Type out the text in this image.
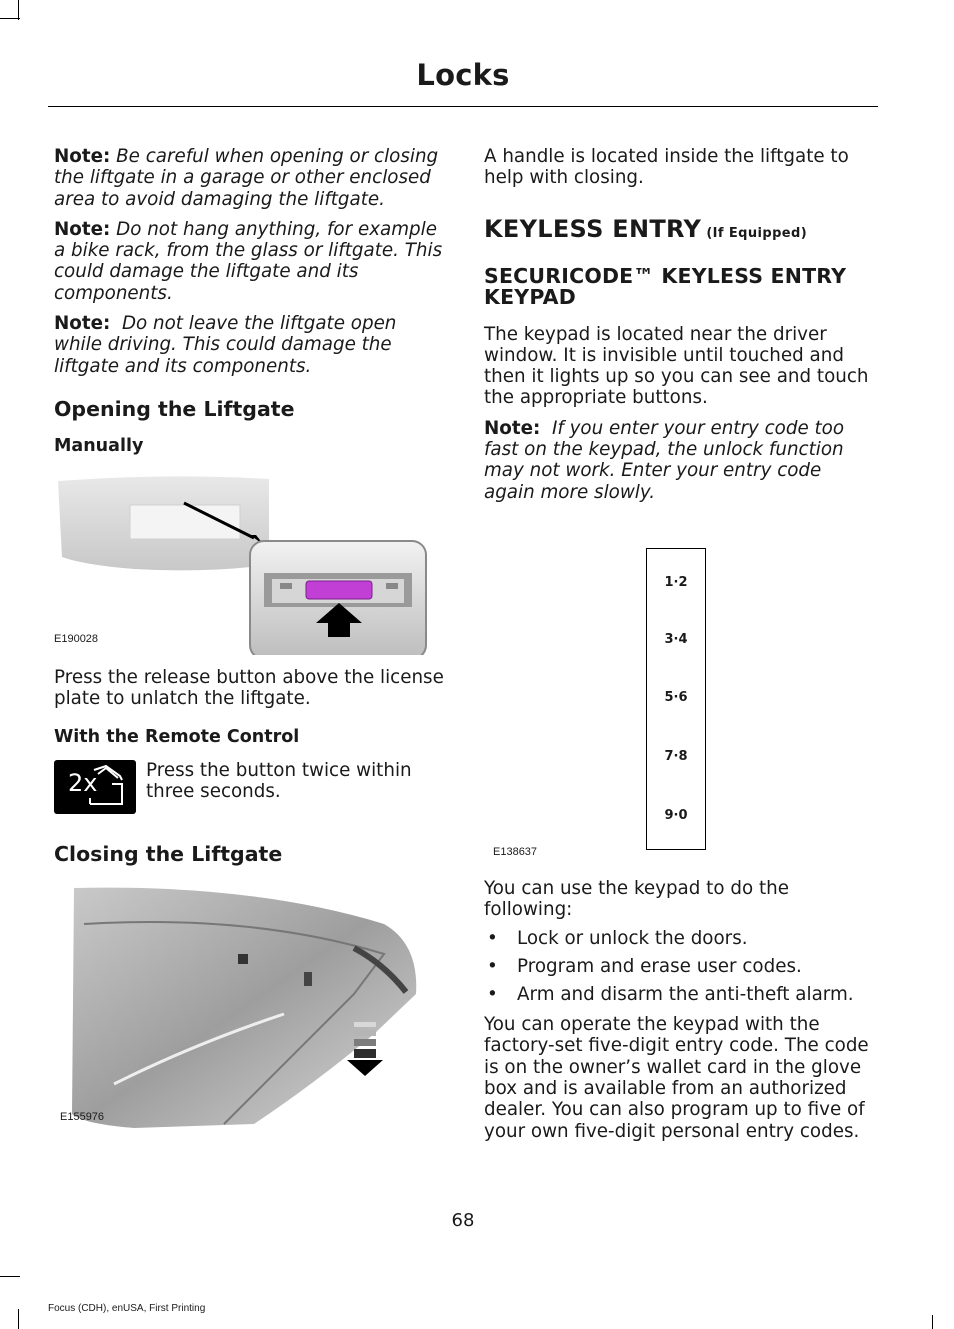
Locks

Note: Be careful when opening or closing the liftgate in a garage or other enclosed area to avoid damaging the liftgate.

Note: Do not hang anything, for example a bike rack, from the glass or liftgate. This could damage the liftgate and its components.

Note: Do not leave the liftgate open while driving. This could damage the liftgate and its components.

Opening the Liftgate
Manually
E190028

Press the release button above the license plate to unlatch the liftgate.

With the Remote Control
2x	Press the button twice within three seconds.

Closing the Liftgate
E155976

A handle is located inside the liftgate to help with closing.

KEYLESS ENTRY (If Equipped)
SECURICODE™ KEYLESS ENTRY KEYPAD

The keypad is located near the driver window. It is invisible until touched and then it lights up so you can see and touch the appropriate buttons.

Note: If you enter your entry code too fast on the keypad, the unlock function may not work. Enter your entry code again more slowly.

1·2
3·4
5·6
7·8
9·0
E138637

You can use the keypad to do the following:

• Lock or unlock the doors.
• Program and erase user codes.
• Arm and disarm the anti-theft alarm.

You can operate the keypad with the factory-set five-digit entry code. The code is on the owner’s wallet card in the glove box and is available from an authorized dealer. You can also program up to five of your own five-digit personal entry codes.

68
Focus (CDH), enUSA, First Printing
